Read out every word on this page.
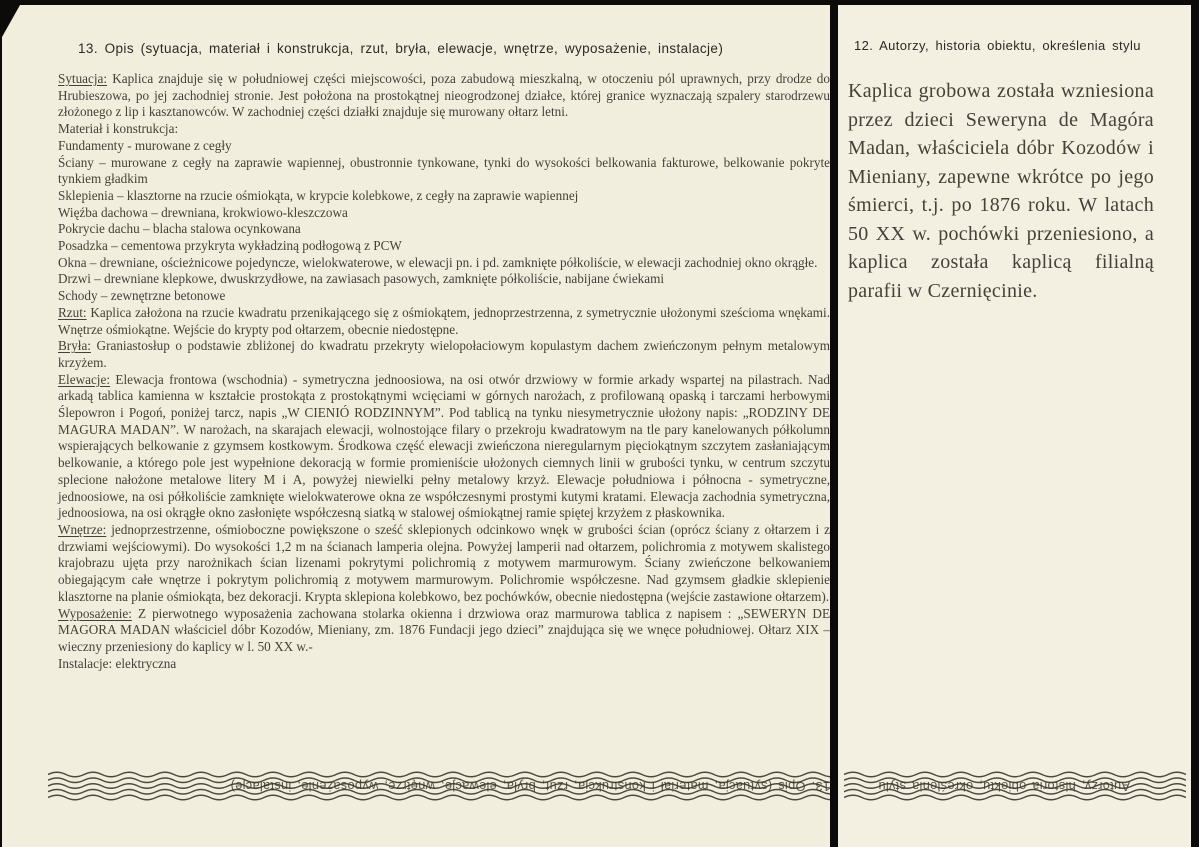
13. Opis (sytuacja, materiał i konstrukcja, rzut, bryła, elewacje, wnętrze, wyposażenie, instalacje)

Sytuacja: Kaplica znajduje się w południowej części miejscowości, poza zabudową mieszkalną, w otoczeniu pól uprawnych, przy drodze do Hrubieszowa, po jej zachodniej stronie. Jest położona na prostokątnej nieogrodzonej działce, której granice wyznaczają szpalery starodrzewu złożonego z lip i kasztanowców. W zachodniej części działki znajduje się murowany ołtarz letni.

Materiał i konstrukcja:

Fundamenty - murowane z cegły

Ściany – murowane z cegły na zaprawie wapiennej, obustronnie tynkowane, tynki do wysokości belkowania fakturowe, belkowanie pokryte tynkiem gładkim

Sklepienia – klasztorne na rzucie ośmiokąta, w krypcie kolebkowe, z cegły na zaprawie wapiennej

Więźba dachowa – drewniana, krokwiowo-kleszczowa

Pokrycie dachu – blacha stalowa ocynkowana

Posadzka – cementowa przykryta wykładziną podłogową z PCW

Okna – drewniane, ościeżnicowe pojedyncze, wielokwaterowe, w elewacji pn. i pd. zamknięte półkoliście, w elewacji zachodniej okno okrągłe.

Drzwi – drewniane klepkowe, dwuskrzydłowe, na zawiasach pasowych, zamknięte półkoliście, nabijane ćwiekami

Schody – zewnętrzne betonowe

Rzut: Kaplica założona na rzucie kwadratu przenikającego się z ośmiokątem, jednoprzestrzenna, z symetrycznie ułożonymi sześcioma wnękami. Wnętrze ośmiokątne. Wejście do krypty pod ołtarzem, obecnie niedostępne.

Bryła: Graniastosłup o podstawie zbliżonej do kwadratu przekryty wielopołaciowym kopulastym dachem zwieńczonym pełnym metalowym krzyżem.

Elewacje: Elewacja frontowa (wschodnia) - symetryczna jednoosiowa, na osi otwór drzwiowy w formie arkady wspartej na pilastrach. Nad arkadą tablica kamienna w kształcie prostokąta z prostokątnymi wcięciami w górnych narożach, z profilowaną opaską i tarczami herbowymi Ślepowron i Pogoń, poniżej tarcz, napis „W CIENIÓ RODZINNYM”. Pod tablicą na tynku niesymetrycznie ułożony napis: „RODZINY DE MAGURA MADAN”. W narożach, na skarajach elewacji, wolnostojące filary o przekroju kwadratowym na tle pary kanelowanych półkolumn wspierających belkowanie z gzymsem kostkowym. Środkowa część elewacji zwieńczona nieregularnym pięciokątnym szczytem zasłaniającym belkowanie, a którego pole jest wypełnione dekoracją w formie promieniście ułożonych ciemnych linii w grubości tynku, w centrum szczytu splecione nałożone metalowe litery M i A, powyżej niewielki pełny metalowy krzyż. Elewacje południowa i północna - symetryczne, jednoosiowe, na osi półkoliście zamknięte wielokwaterowe okna ze współczesnymi prostymi kutymi kratami. Elewacja zachodnia symetryczna, jednoosiowa, na osi okrągłe okno zasłonięte współczesną siatką w stalowej ośmiokątnej ramie spiętej krzyżem z płaskownika.

Wnętrze: jednoprzestrzenne, ośmioboczne powiększone o sześć sklepionych odcinkowo wnęk w grubości ścian (oprócz ściany z ołtarzem i z drzwiami wejściowymi). Do wysokości 1,2 m na ścianach lamperia olejna. Powyżej lamperii nad ołtarzem, polichromia z motywem skalistego krajobrazu ujęta przy narożnikach ścian lizenami pokrytymi polichromią z motywem marmurowym. Ściany zwieńczone belkowaniem obiegającym całe wnętrze i pokrytym polichromią z motywem marmurowym. Polichromie współczesne. Nad gzymsem gładkie sklepienie klasztorne na planie ośmiokąta, bez dekoracji. Krypta sklepiona kolebkowo, bez pochówków, obecnie niedostępna (wejście zastawione ołtarzem).

Wyposażenie: Z pierwotnego wyposażenia zachowana stolarka okienna i drzwiowa oraz marmurowa tablica z napisem : „SEWERYN DE MAGORA MADAN właściciel dóbr Kozodów, Mieniany, zm. 1876 Fundacji jego dzieci” znajdująca się we wnęce południowej. Ołtarz XIX –wieczny przeniesiony do kaplicy w l. 50 XX w.-

Instalacje: elektryczna

13. Opis (sytuacja, materiał i konstrukcja, rzut, bryła, elewacje, wnętrze, wyposażenie, instalacje)
12. Autorzy, historia obiektu, określenia stylu
Kaplica grobowa została wzniesiona przez dzieci Seweryna de Magóra Madan, właściciela dóbr Kozodów i Mieniany, zapewne wkrótce po jego śmierci, t.j. po 1876 roku. W latach 50 XX w. pochówki przeniesiono, a kaplica została kaplicą filialną parafii w Czernięcinie.
Autorzy, historia obiektu, określenia stylu
